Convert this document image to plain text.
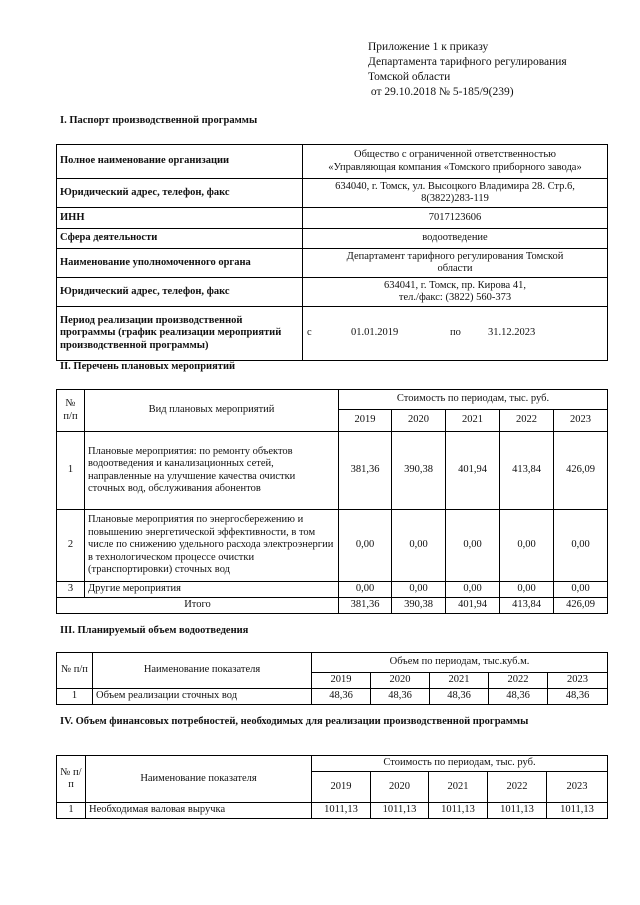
Приложение 1 к приказу
Департамента тарифного регулирования
Томской области
от 29.10.2018 № 5-185/9(239)
I. Паспорт производственной программы
Полное наименование организации	Общество с ограниченной ответственностью
«Управляющая компания «Томского приборного завода»
Юридический адрес, телефон, факс	634040, г. Томск, ул. Высоцкого Владимира 28. Стр.6,
8(3822)283-119
ИНН	7017123606
Сфера деятельности	водоотведение
Наименование уполномоченного органа	Департамент тарифного регулирования Томской
области
Юридический адрес, телефон, факс	634041, г. Томск, пр. Кирова 41,
тел./факс: (3822) 560-373
Период реализации производственной программы (график реализации мероприятий производственной программы)	с 01.01.2019 по 31.12.2023
II. Перечень плановых мероприятий
№ п/п	Вид плановых мероприятий	Стоимость по периодам, тыс. руб.				
		2019	2020	2021	2022	2023
1	Плановые мероприятия: по ремонту объектов водоотведения и канализационных сетей, направленные на улучшение качества очистки сточных вод, обслуживания абонентов	381,36	390,38	401,94	413,84	426,09
2	Плановые мероприятия по энергосбережению и повышению энергетической эффективности, в том числе по снижению удельного расхода электроэнергии в технологическом процессе очистки (транспортировки) сточных вод	0,00	0,00	0,00	0,00	0,00
3	Другие мероприятия	0,00	0,00	0,00	0,00	0,00
Итого		381,36	390,38	401,94	413,84	426,09
III. Планируемый объем водоотведения
№ п/п	Наименование показателя	Объем по периодам, тыс.куб.м.				
		2019	2020	2021	2022	2023
1	Объем реализации сточных вод	48,36	48,36	48,36	48,36	48,36
IV. Объем финансовых потребностей, необходимых для реализации производственной программы
№ п/п	Наименование показателя	Стоимость по периодам, тыс. руб.				
		2019	2020	2021	2022	2023
1	Необходимая валовая выручка	1011,13	1011,13	1011,13	1011,13	1011,13
